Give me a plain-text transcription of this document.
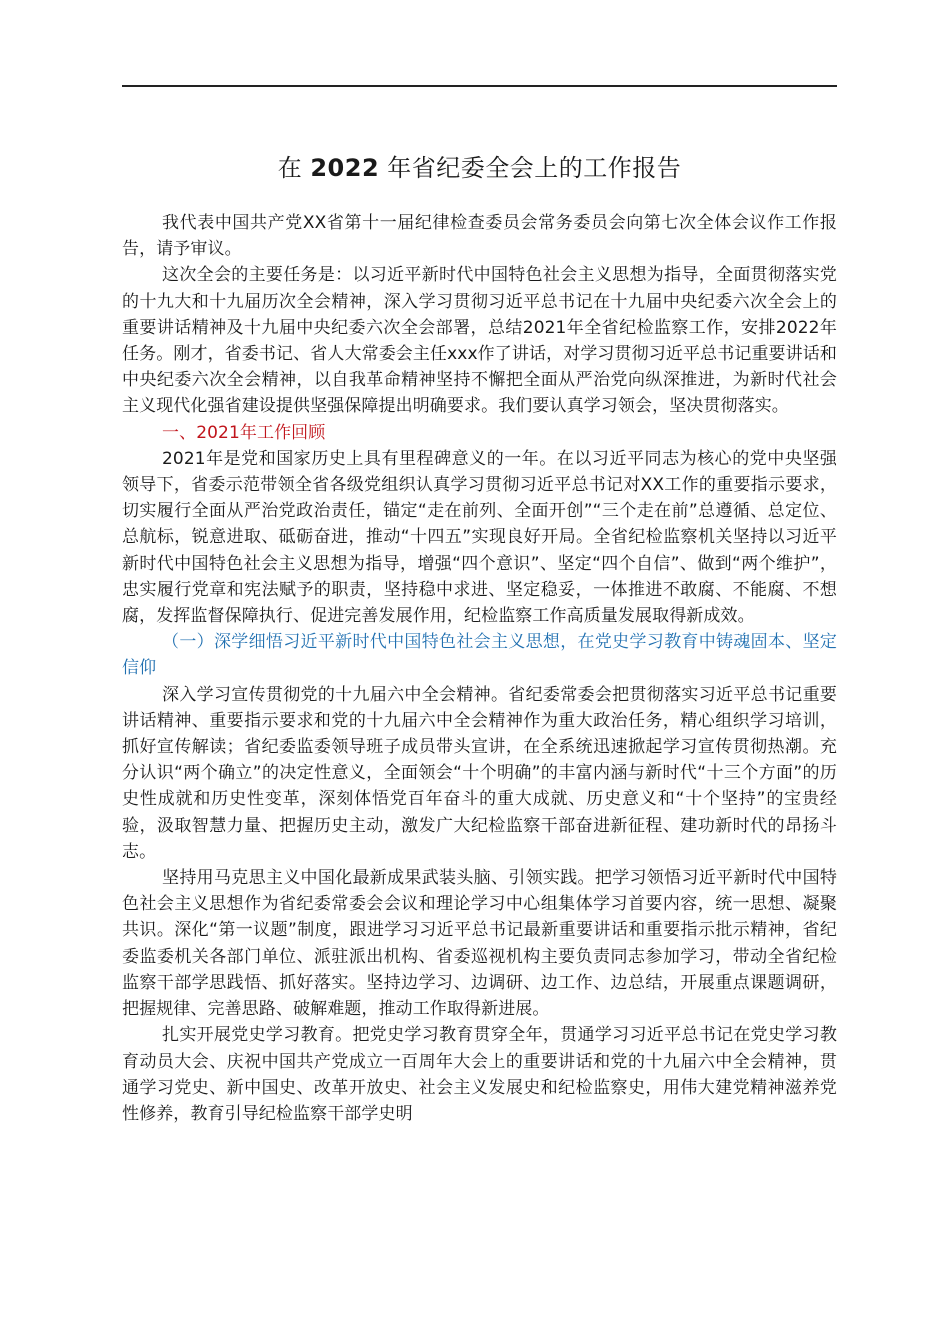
在 2022 年省纪委全会上的工作报告

我代表中国共产党XX省第十一届纪律检查委员会常务委员会向第七次全体会议作工作报告，请予审议。

这次全会的主要任务是：以习近平新时代中国特色社会主义思想为指导，全面贯彻落实党的十九大和十九届历次全会精神，深入学习贯彻习近平总书记在十九届中央纪委六次全会上的重要讲话精神及十九届中央纪委六次全会部署，总结2021年全省纪检监察工作，安排2022年任务。刚才，省委书记、省人大常委会主任xxx作了讲话，对学习贯彻习近平总书记重要讲话和中央纪委六次全会精神，以自我革命精神坚持不懈把全面从严治党向纵深推进，为新时代社会主义现代化强省建设提供坚强保障提出明确要求。我们要认真学习领会，坚决贯彻落实。

一、2021年工作回顾

2021年是党和国家历史上具有里程碑意义的一年。在以习近平同志为核心的党中央坚强领导下，省委示范带领全省各级党组织认真学习贯彻习近平总书记对XX工作的重要指示要求，切实履行全面从严治党政治责任，锚定“走在前列、全面开创”“三个走在前”总遵循、总定位、总航标，锐意进取、砥砺奋进，推动“十四五”实现良好开局。全省纪检监察机关坚持以习近平新时代中国特色社会主义思想为指导，增强“四个意识”、坚定“四个自信”、做到“两个维护”，忠实履行党章和宪法赋予的职责，坚持稳中求进、坚定稳妥，一体推进不敢腐、不能腐、不想腐，发挥监督保障执行、促进完善发展作用，纪检监察工作高质量发展取得新成效。

（一）深学细悟习近平新时代中国特色社会主义思想，在党史学习教育中铸魂固本、坚定信仰

深入学习宣传贯彻党的十九届六中全会精神。省纪委常委会把贯彻落实习近平总书记重要讲话精神、重要指示要求和党的十九届六中全会精神作为重大政治任务，精心组织学习培训，抓好宣传解读；省纪委监委领导班子成员带头宣讲，在全系统迅速掀起学习宣传贯彻热潮。充分认识“两个确立”的决定性意义，全面领会“十个明确”的丰富内涵与新时代“十三个方面”的历史性成就和历史性变革，深刻体悟党百年奋斗的重大成就、历史意义和“十个坚持”的宝贵经验，汲取智慧力量、把握历史主动，激发广大纪检监察干部奋进新征程、建功新时代的昂扬斗志。

坚持用马克思主义中国化最新成果武装头脑、引领实践。把学习领悟习近平新时代中国特色社会主义思想作为省纪委常委会会议和理论学习中心组集体学习首要内容，统一思想、凝聚共识。深化“第一议题”制度，跟进学习习近平总书记最新重要讲话和重要指示批示精神，省纪委监委机关各部门单位、派驻派出机构、省委巡视机构主要负责同志参加学习，带动全省纪检监察干部学思践悟、抓好落实。坚持边学习、边调研、边工作、边总结，开展重点课题调研，把握规律、完善思路、破解难题，推动工作取得新进展。

扎实开展党史学习教育。把党史学习教育贯穿全年，贯通学习习近平总书记在党史学习教育动员大会、庆祝中国共产党成立一百周年大会上的重要讲话和党的十九届六中全会精神，贯通学习党史、新中国史、改革开放史、社会主义发展史和纪检监察史，用伟大建党精神滋养党性修养，教育引导纪检监察干部学史明
